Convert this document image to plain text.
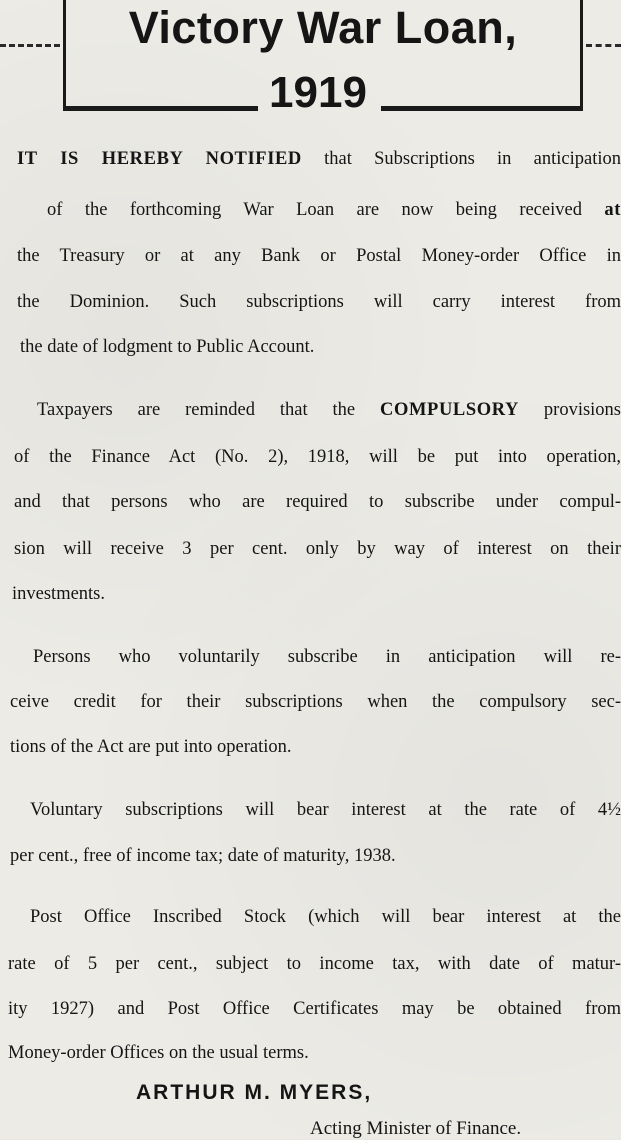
Victory War Loan,
1919
IT IS HEREBY NOTIFIED that Subscriptions in anticipation
of the forthcoming War Loan are now being received at
the Treasury or at any Bank or Postal Money-order Office in
the Dominion. Such subscriptions will carry interest from
the date of lodgment to Public Account.
Taxpayers are reminded that the COMPULSORY provisions
of the Finance Act (No. 2), 1918, will be put into operation,
and that persons who are required to subscribe under compul-
sion will receive 3 per cent. only by way of interest on their
investments.
Persons who voluntarily subscribe in anticipation will re-
ceive credit for their subscriptions when the compulsory sec-
tions of the Act are put into operation.
Voluntary subscriptions will bear interest at the rate of 4½
per cent., free of income tax; date of maturity, 1938.
Post Office Inscribed Stock (which will bear interest at the
rate of 5 per cent., subject to income tax, with date of matur-
ity 1927) and Post Office Certificates may be obtained from
Money-order Offices on the usual terms.
ARTHUR M. MYERS,
Acting Minister of Finance.
